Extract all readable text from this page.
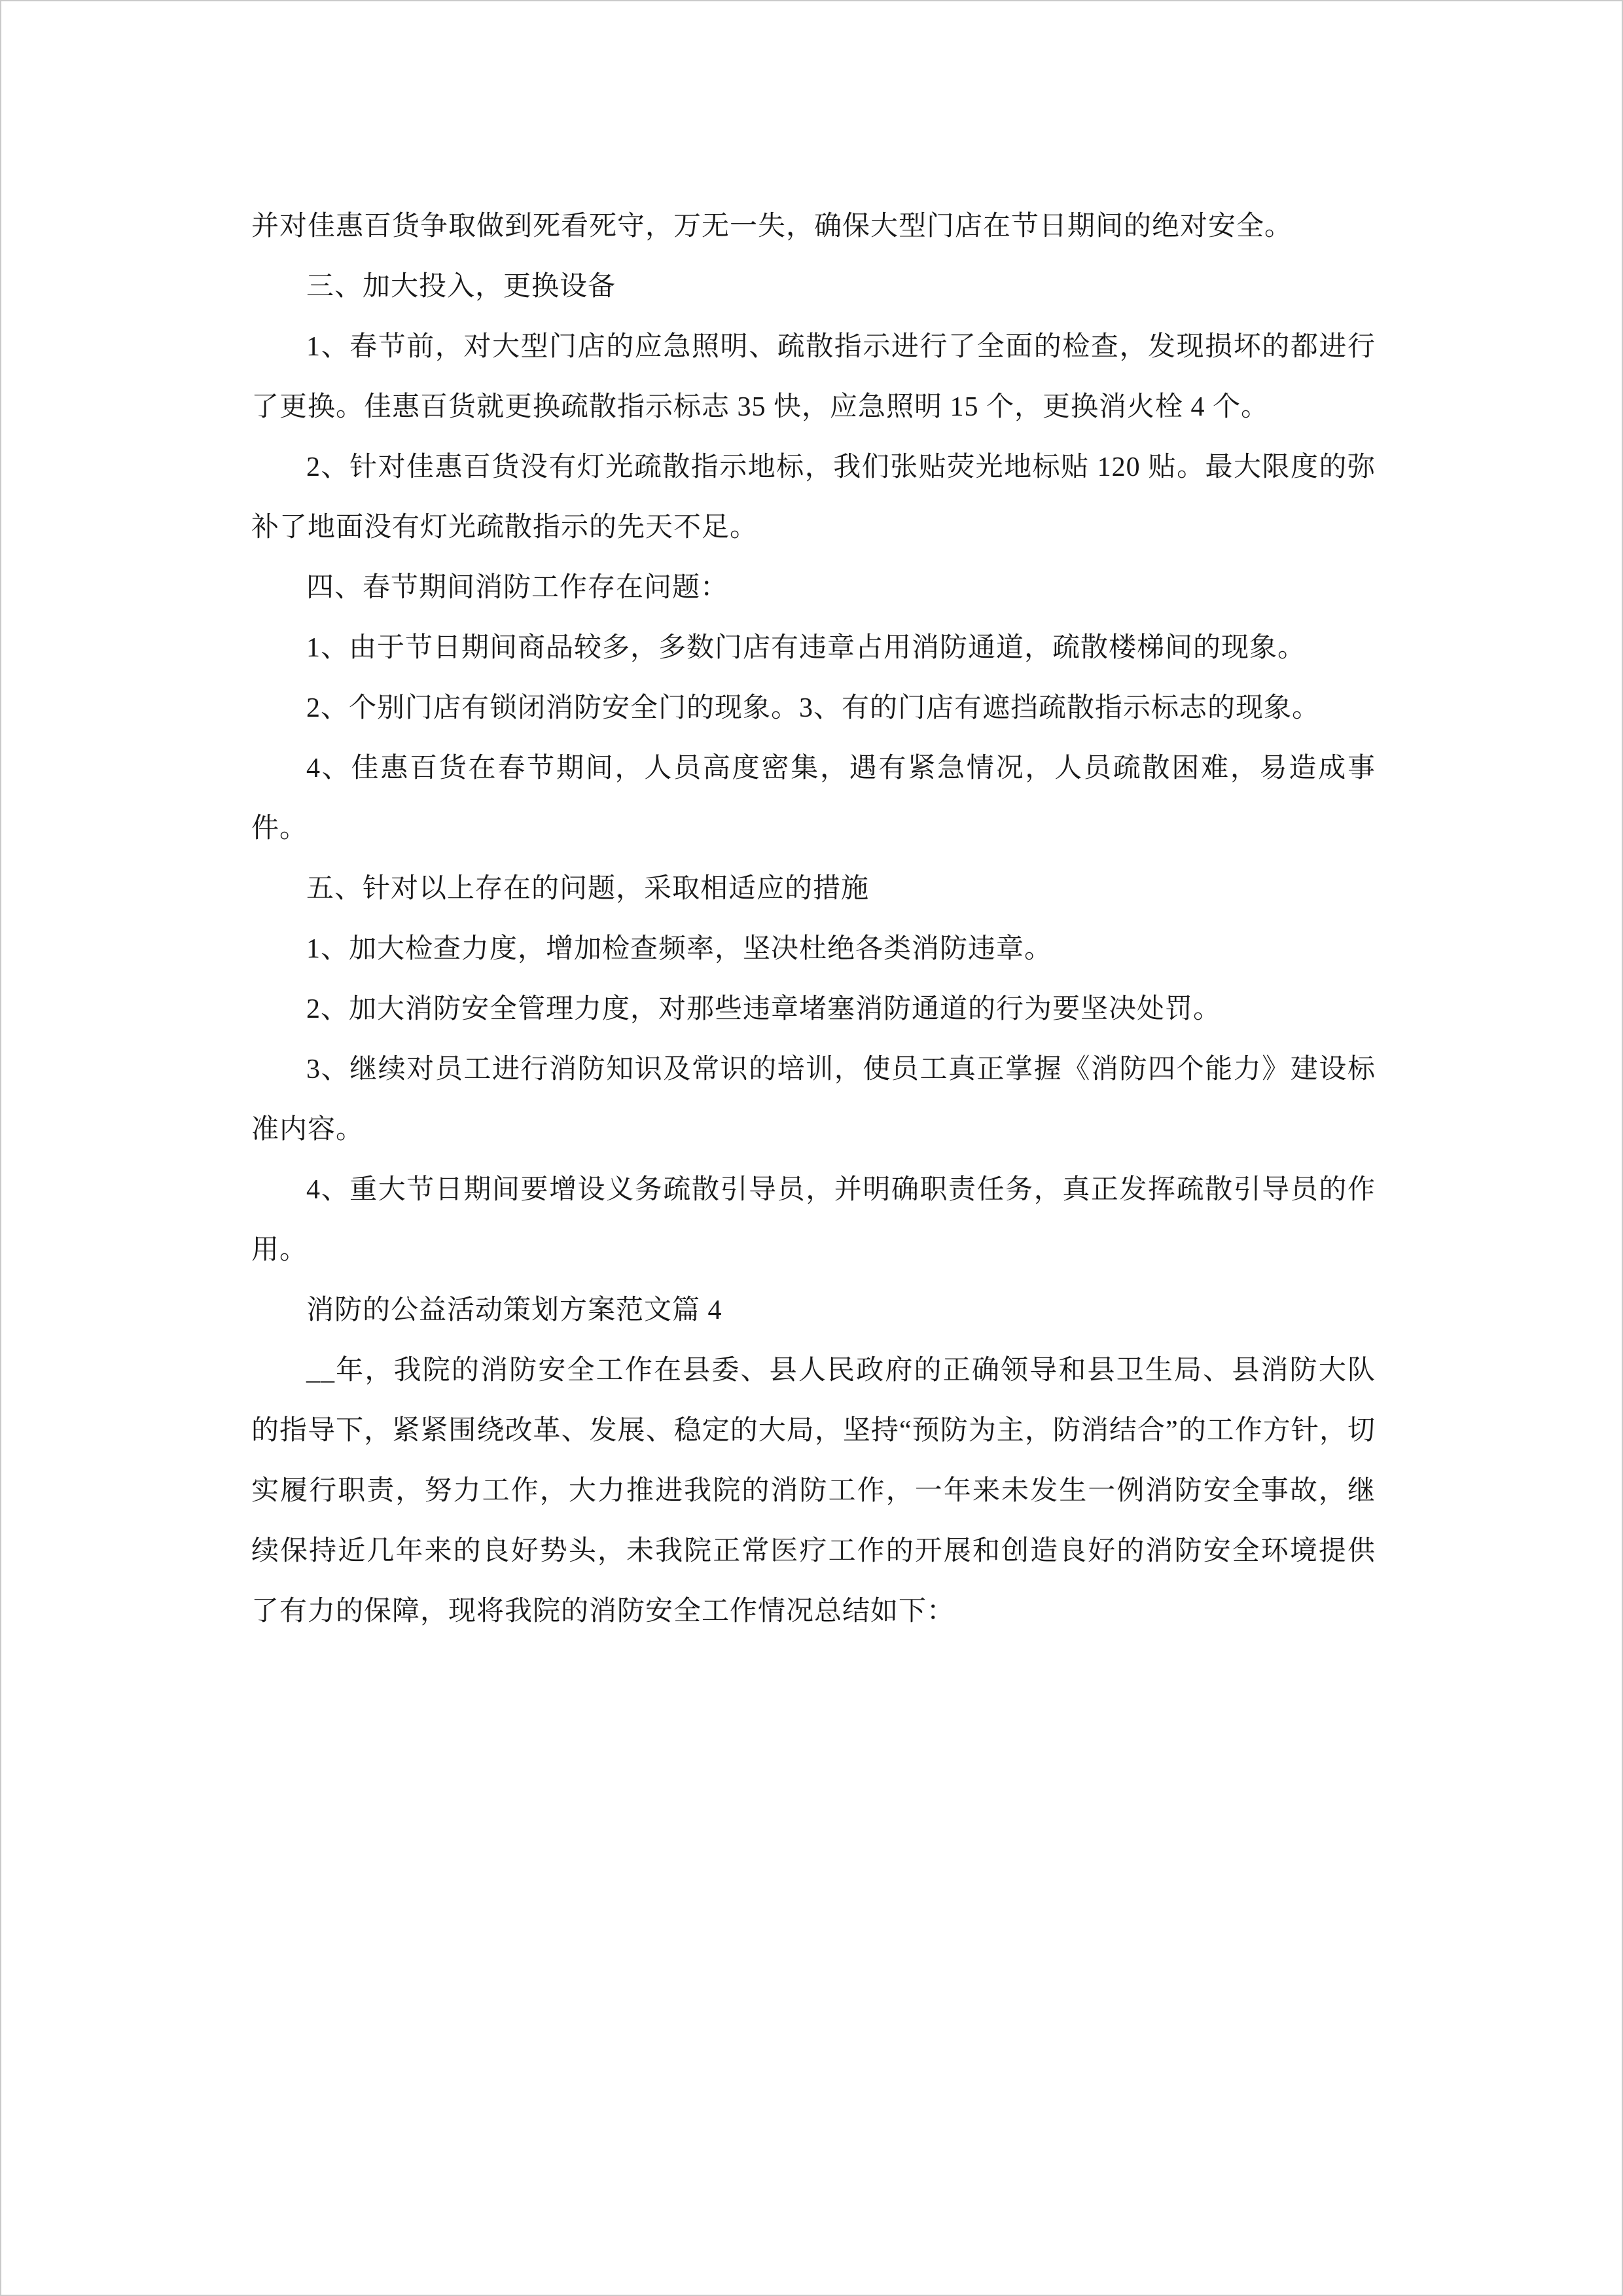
并对佳惠百货争取做到死看死守，万无一失，确保大型门店在节日期间的绝对安全。

三、加大投入，更换设备

1、春节前，对大型门店的应急照明、疏散指示进行了全面的检查，发现损坏的都进行了更换。佳惠百货就更换疏散指示标志 35 快，应急照明 15 个，更换消火栓 4 个。

2、针对佳惠百货没有灯光疏散指示地标，我们张贴荧光地标贴 120 贴。最大限度的弥补了地面没有灯光疏散指示的先天不足。

四、春节期间消防工作存在问题：

1、由于节日期间商品较多，多数门店有违章占用消防通道，疏散楼梯间的现象。

2、个别门店有锁闭消防安全门的现象。3、有的门店有遮挡疏散指示标志的现象。

4、佳惠百货在春节期间，人员高度密集，遇有紧急情况，人员疏散困难，易造成事件。

五、针对以上存在的问题，采取相适应的措施

1、加大检查力度，增加检查频率，坚决杜绝各类消防违章。

2、加大消防安全管理力度，对那些违章堵塞消防通道的行为要坚决处罚。

3、继续对员工进行消防知识及常识的培训，使员工真正掌握《消防四个能力》建设标准内容。

4、重大节日期间要增设义务疏散引导员，并明确职责任务，真正发挥疏散引导员的作用。

消防的公益活动策划方案范文篇 4

__年，我院的消防安全工作在县委、县人民政府的正确领导和县卫生局、县消防大队的指导下，紧紧围绕改革、发展、稳定的大局，坚持“预防为主，防消结合”的工作方针，切实履行职责，努力工作，大力推进我院的消防工作，一年来未发生一例消防安全事故，继续保持近几年来的良好势头，未我院正常医疗工作的开展和创造良好的消防安全环境提供了有力的保障，现将我院的消防安全工作情况总结如下：
